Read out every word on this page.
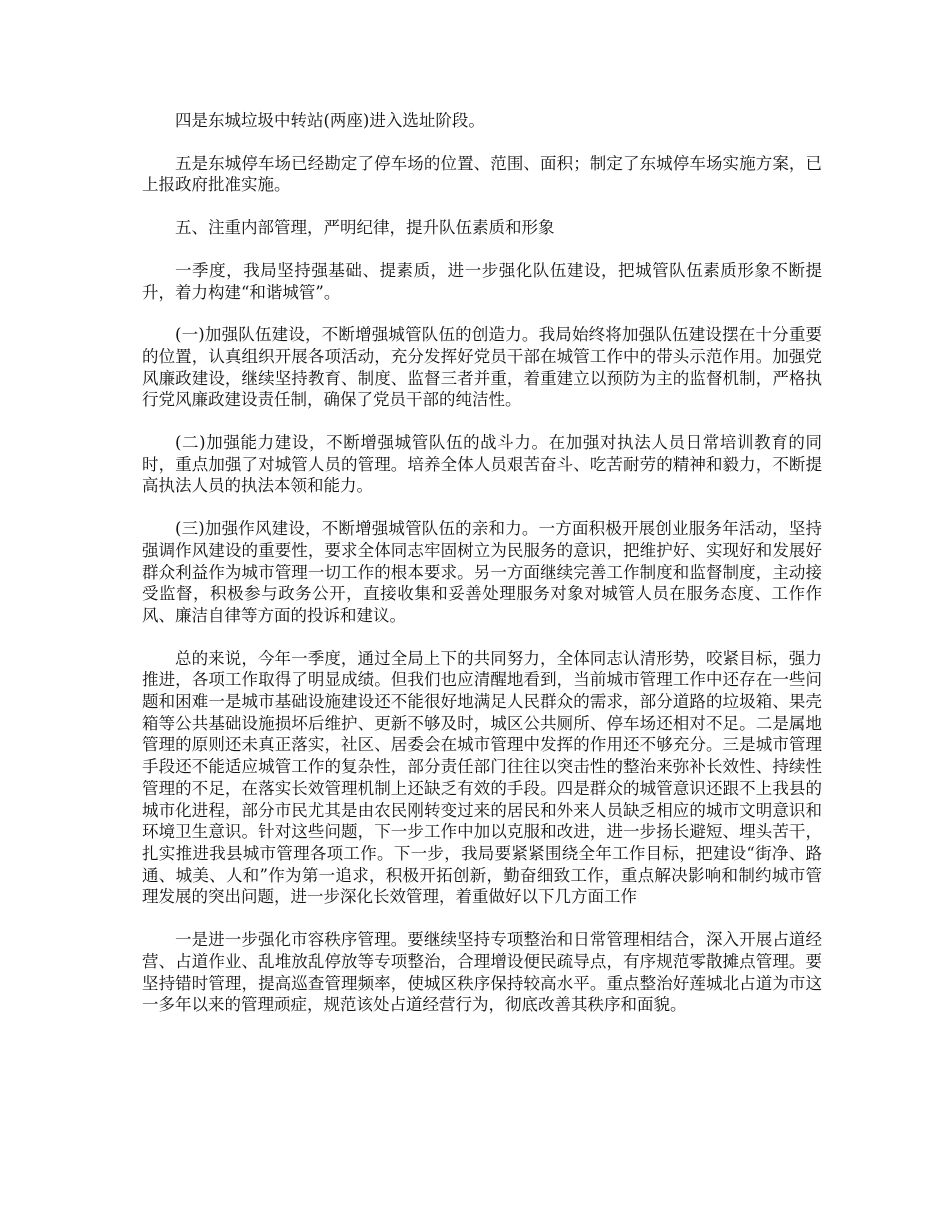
四是东城垃圾中转站(两座)进入选址阶段。

五是东城停车场已经勘定了停车场的位置、范围、面积；制定了东城停车场实施方案，已上报政府批准实施。

五、注重内部管理，严明纪律，提升队伍素质和形象

一季度，我局坚持强基础、提素质，进一步强化队伍建设，把城管队伍素质形象不断提升，着力构建“和谐城管”。

(一)加强队伍建设，不断增强城管队伍的创造力。我局始终将加强队伍建设摆在十分重要的位置，认真组织开展各项活动，充分发挥好党员干部在城管工作中的带头示范作用。加强党风廉政建设，继续坚持教育、制度、监督三者并重，着重建立以预防为主的监督机制，严格执行党风廉政建设责任制，确保了党员干部的纯洁性。

(二)加强能力建设，不断增强城管队伍的战斗力。在加强对执法人员日常培训教育的同时，重点加强了对城管人员的管理。培养全体人员艰苦奋斗、吃苦耐劳的精神和毅力，不断提高执法人员的执法本领和能力。

(三)加强作风建设，不断增强城管队伍的亲和力。一方面积极开展创业服务年活动，坚持强调作风建设的重要性，要求全体同志牢固树立为民服务的意识，把维护好、实现好和发展好群众利益作为城市管理一切工作的根本要求。另一方面继续完善工作制度和监督制度，主动接受监督，积极参与政务公开，直接收集和妥善处理服务对象对城管人员在服务态度、工作作风、廉洁自律等方面的投诉和建议。

总的来说，今年一季度，通过全局上下的共同努力，全体同志认清形势，咬紧目标，强力推进，各项工作取得了明显成绩。但我们也应清醒地看到，当前城市管理工作中还存在一些问题和困难一是城市基础设施建设还不能很好地满足人民群众的需求，部分道路的垃圾箱、果壳箱等公共基础设施损坏后维护、更新不够及时，城区公共厕所、停车场还相对不足。二是属地管理的原则还未真正落实，社区、居委会在城市管理中发挥的作用还不够充分。三是城市管理手段还不能适应城管工作的复杂性，部分责任部门往往以突击性的整治来弥补长效性、持续性管理的不足，在落实长效管理机制上还缺乏有效的手段。四是群众的城管意识还跟不上我县的城市化进程，部分市民尤其是由农民刚转变过来的居民和外来人员缺乏相应的城市文明意识和环境卫生意识。针对这些问题，下一步工作中加以克服和改进，进一步扬长避短、埋头苦干，扎实推进我县城市管理各项工作。下一步，我局要紧紧围绕全年工作目标，把建设“街净、路通、城美、人和”作为第一追求，积极开拓创新，勤奋细致工作，重点解决影响和制约城市管理发展的突出问题，进一步深化长效管理，着重做好以下几方面工作

一是进一步强化市容秩序管理。要继续坚持专项整治和日常管理相结合，深入开展占道经营、占道作业、乱堆放乱停放等专项整治，合理增设便民疏导点，有序规范零散摊点管理。要坚持错时管理，提高巡查管理频率，使城区秩序保持较高水平。重点整治好莲城北占道为市这一多年以来的管理顽症，规范该处占道经营行为，彻底改善其秩序和面貌。
